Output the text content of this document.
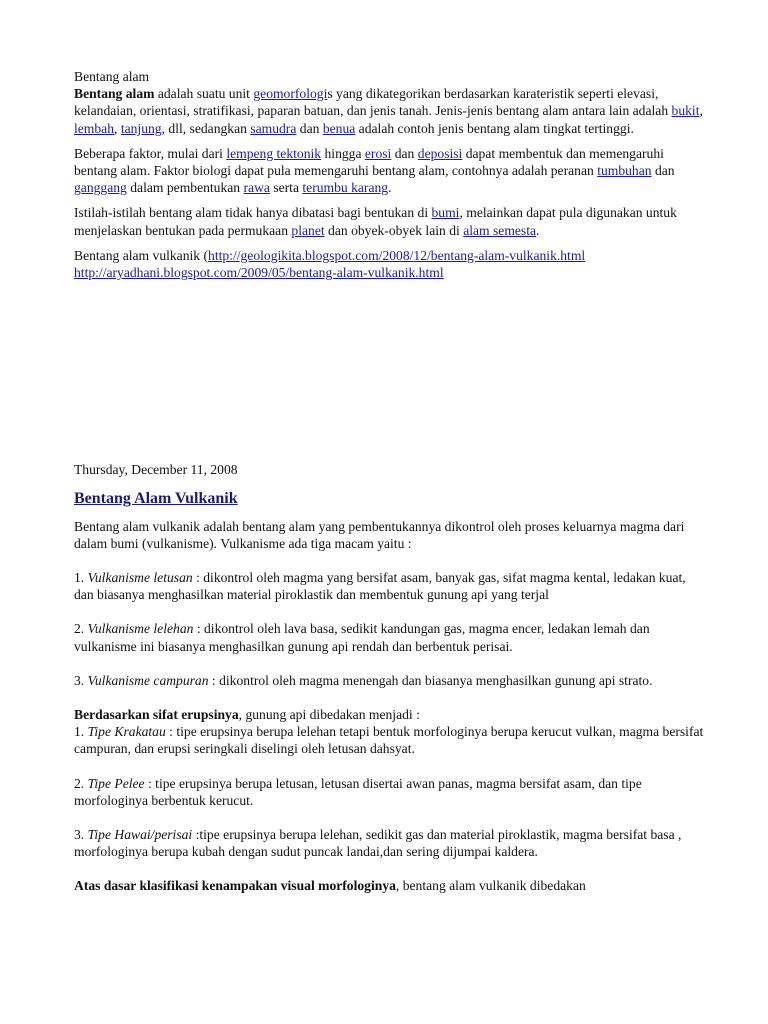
Bentang alam

Bentang alam adalah suatu unit geomorfologis yang dikategorikan berdasarkan karateristik seperti elevasi, kelandaian, orientasi, stratifikasi, paparan batuan, dan jenis tanah. Jenis-jenis bentang alam antara lain adalah bukit, lembah, tanjung, dll, sedangkan samudra dan benua adalah contoh jenis bentang alam tingkat tertinggi.

Beberapa faktor, mulai dari lempeng tektonik hingga erosi dan deposisi dapat membentuk dan memengaruhi bentang alam. Faktor biologi dapat pula memengaruhi bentang alam, contohnya adalah peranan tumbuhan dan ganggang dalam pembentukan rawa serta terumbu karang.

Istilah-istilah bentang alam tidak hanya dibatasi bagi bentukan di bumi, melainkan dapat pula digunakan untuk menjelaskan bentukan pada permukaan planet dan obyek-obyek lain di alam semesta.

Bentang alam vulkanik (http://geologikita.blogspot.com/2008/12/bentang-alam-vulkanik.html
http://aryadhani.blogspot.com/2009/05/bentang-alam-vulkanik.html

Thursday, December 11, 2008

Bentang Alam Vulkanik

Bentang alam vulkanik adalah bentang alam yang pembentukannya dikontrol oleh proses keluarnya magma dari dalam bumi (vulkanisme). Vulkanisme ada tiga macam yaitu :

1. Vulkanisme letusan : dikontrol oleh magma yang bersifat asam, banyak gas, sifat magma kental, ledakan kuat, dan biasanya menghasilkan material piroklastik dan membentuk gunung api yang terjal

2. Vulkanisme lelehan : dikontrol oleh lava basa, sedikit kandungan gas, magma encer, ledakan lemah dan vulkanisme ini biasanya menghasilkan gunung api rendah dan berbentuk perisai.

3. Vulkanisme campuran : dikontrol oleh magma menengah dan biasanya menghasilkan gunung api strato.

Berdasarkan sifat erupsinya, gunung api dibedakan menjadi :

1. Tipe Krakatau : tipe erupsinya berupa lelehan tetapi bentuk morfologinya berupa kerucut vulkan, magma bersifat campuran, dan erupsi seringkali diselingi oleh letusan dahsyat.

2. Tipe Pelee : tipe erupsinya berupa letusan, letusan disertai awan panas, magma bersifat asam, dan tipe morfologinya berbentuk kerucut.

3. Tipe Hawai/perisai :tipe erupsinya berupa lelehan, sedikit gas dan material piroklastik, magma bersifat basa , morfologinya berupa kubah dengan sudut puncak landai,dan sering dijumpai kaldera.

Atas dasar klasifikasi kenampakan visual morfologinya, bentang alam vulkanik dibedakan
